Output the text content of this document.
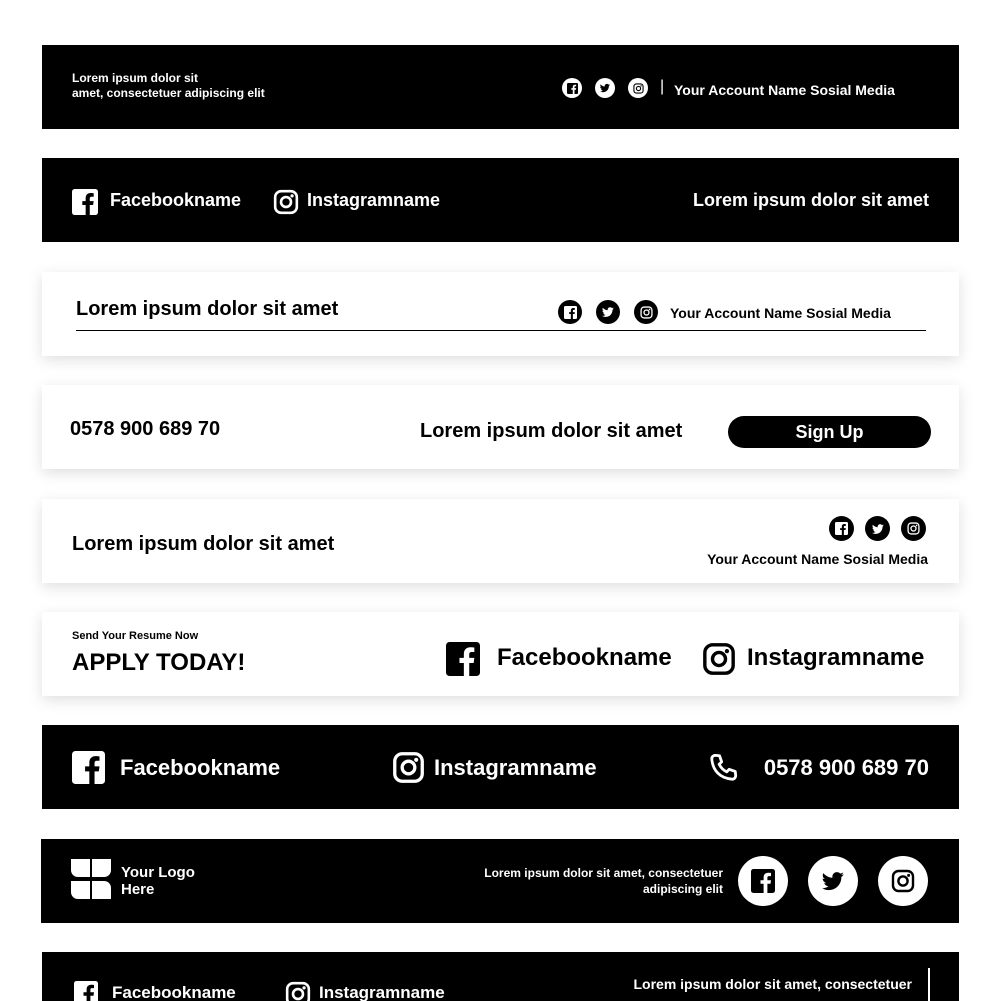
Lorem ipsum dolor sit
amet, consectetuer adipiscing elit	| Your Account Name Sosial Media
Facebookname	Instagramname	Lorem ipsum dolor sit amet
Lorem ipsum dolor sit amet	Your Account Name Sosial Media
0578 900 689 70	Lorem ipsum dolor sit amet	Sign Up
Lorem ipsum dolor sit amet
Your Account Name Sosial Media
Send Your Resume Now
APPLY TODAY!	Facebookname	Instagramname
Facebookname	Instagramname	0578 900 689 70
Your Logo
Here
Lorem ipsum dolor sit amet, consectetuer
adipiscing elit
Facebookname	Instagramname	Lorem ipsum dolor sit amet, consectetuer
